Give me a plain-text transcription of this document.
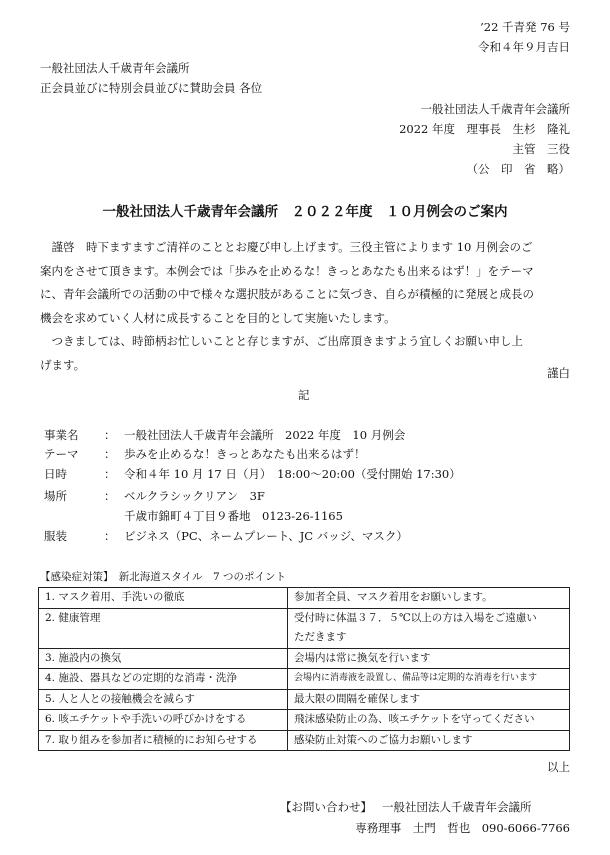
’22 千青発 76 号
令和４年９月吉日
一般社団法人千歳青年会議所
正会員並びに特別会員並びに賛助会員 各位
一般社団法人千歳青年会議所
2022 年度　理事長　生杉　隆礼
主管　三役
（公　印　省　略）
一般社団法人千歳青年会議所　２０２２年度　１０月例会のご案内
　謹啓　時下ますますご清祥のこととお慶び申し上げます。三役主管によります 10 月例会のご
案内をさせて頂きます。本例会では「歩みを止めるな！きっとあなたも出来るはず！」をテーマ
に、青年会議所での活動の中で様々な選択肢があることに気づき、自らが積極的に発展と成長の
機会を求めていく人材に成長することを目的として実施いたします。
　つきましては、時節柄お忙しいことと存じますが、ご出席頂きますよう宜しくお願い申し上
げます。
謹白
記
事業名 ： 一般社団法人千歳青年会議所　2022 年度　10 月例会
テーマ ： 歩みを止めるな！きっとあなたも出来るはず！
日時	： 令和４年 10 月 17 日（月）　18:00～20:00（受付開始 17:30）
場所	： ベルクラシックリアン　3F
千歳市錦町４丁目９番地　0123-26-1165
服装	： ビジネス（PC、ネームプレート、JC バッジ、マスク）
【感染症対策】　新北海道スタイル　7 つのポイント
1. マスク着用、手洗いの徹底	参加者全員、マスク着用をお願いします。
2. 健康管理	受付時に体温３７．５℃以上の方は入場をご遠慮い
ただきます

3. 施設内の換気	会場内は常に換気を行います
4. 施設、器具などの定期的な消毒・洗浄	会場内に消毒液を設置し、備品等は定期的な消毒を行います
5. 人と人との接触機会を減らす	最大限の間隔を確保します
6. 咳エチケットや手洗いの呼びかけをする	飛沫感染防止の為、咳エチケットを守ってください
7. 取り組みを参加者に積極的にお知らせする	感染防止対策へのご協力お願いします
以上
【お問い合わせ】 一般社団法人千歳青年会議所
専務理事　土門　哲也　090-6066-7766
